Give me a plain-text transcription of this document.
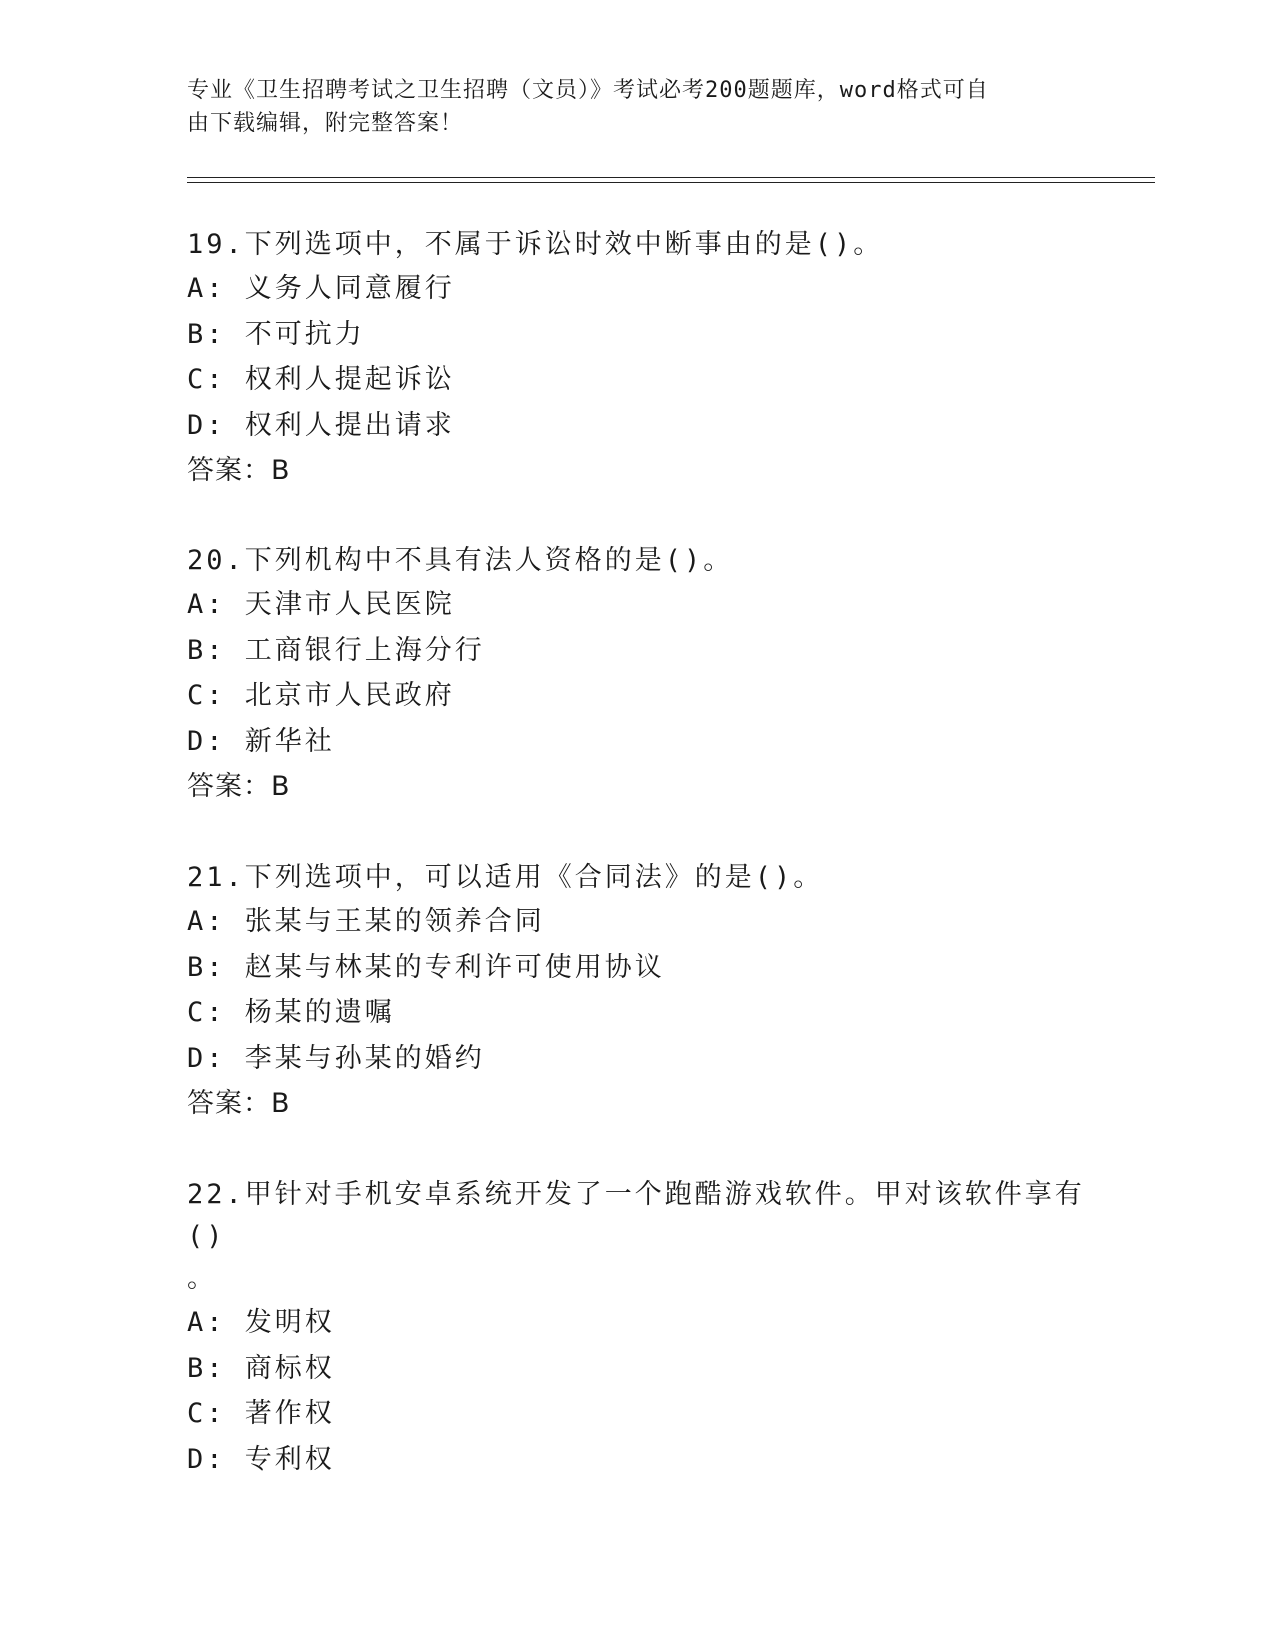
专业《卫生招聘考试之卫生招聘（文员）》考试必考200题题库，word格式可自
由下载编辑，附完整答案！

19.下列选项中，不属于诉讼时效中断事由的是()。

A: 义务人同意履行

B: 不可抗力

C: 权利人提起诉讼

D: 权利人提出请求

答案：B

20.下列机构中不具有法人资格的是()。

A: 天津市人民医院

B: 工商银行上海分行

C: 北京市人民政府

D: 新华社

答案：B

21.下列选项中，可以适用《合同法》的是()。

A: 张某与王某的领养合同

B: 赵某与林某的专利许可使用协议

C: 杨某的遗嘱

D: 李某与孙某的婚约

答案：B

22.甲针对手机安卓系统开发了一个跑酷游戏软件。甲对该软件享有()

。

A: 发明权

B: 商标权

C: 著作权

D: 专利权
